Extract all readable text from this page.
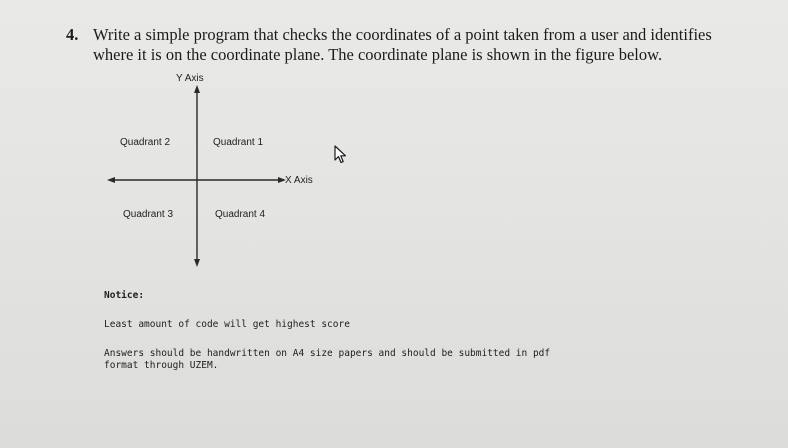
4. Write a simple program that checks the coordinates of a point taken from a user and identifies
where it is on the coordinate plane. The coordinate plane is shown in the figure below.
Y Axis
X Axis
Quadrant 1
Quadrant 2
Quadrant 3	Quadrant 4
Notice:
Least amount of code will get highest score
Answers should be handwritten on A4 size papers and should be submitted in pdf
format through UZEM.
